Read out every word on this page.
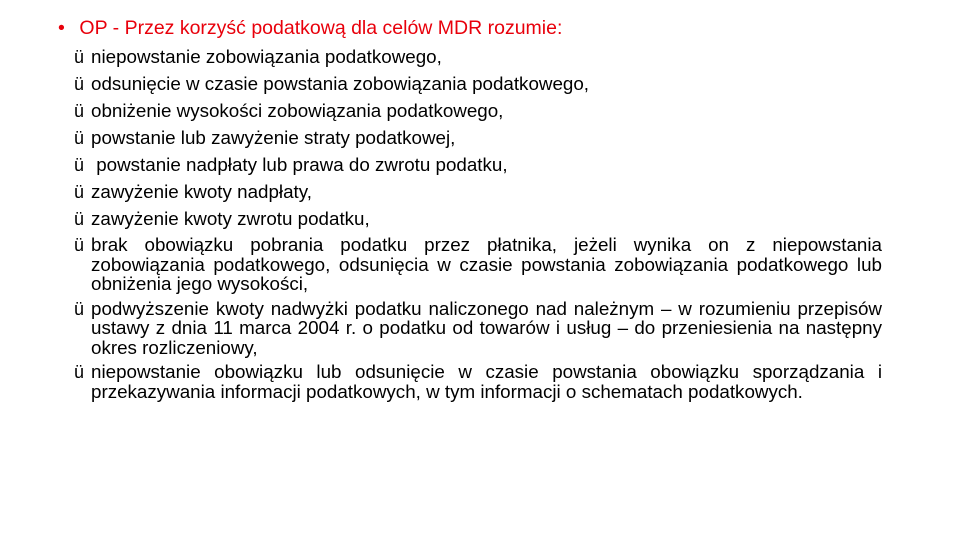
• OP - Przez korzyść podatkową dla celów MDR rozumie:
ü niepowstanie zobowiązania podatkowego,
ü odsunięcie w czasie powstania zobowiązania podatkowego,
ü obniżenie wysokości zobowiązania podatkowego,
ü powstanie lub zawyżenie straty podatkowej,
ü powstanie nadpłaty lub prawa do zwrotu podatku,
ü zawyżenie kwoty nadpłaty,
ü zawyżenie kwoty zwrotu podatku,
ü brak obowiązku pobrania podatku przez płatnika, jeżeli wynika on z niepowstania zobowiązania podatkowego, odsunięcia w czasie powstania zobowiązania podatkowego lub obniżenia jego wysokości,
ü podwyższenie kwoty nadwyżki podatku naliczonego nad należnym – w rozumieniu przepisów ustawy z dnia 11 marca 2004 r. o podatku od towarów i usług – do przeniesienia na następny okres rozliczeniowy,
ü niepowstanie obowiązku lub odsunięcie w czasie powstania obowiązku sporządzania i przekazywania informacji podatkowych, w tym informacji o schematach podatkowych.
